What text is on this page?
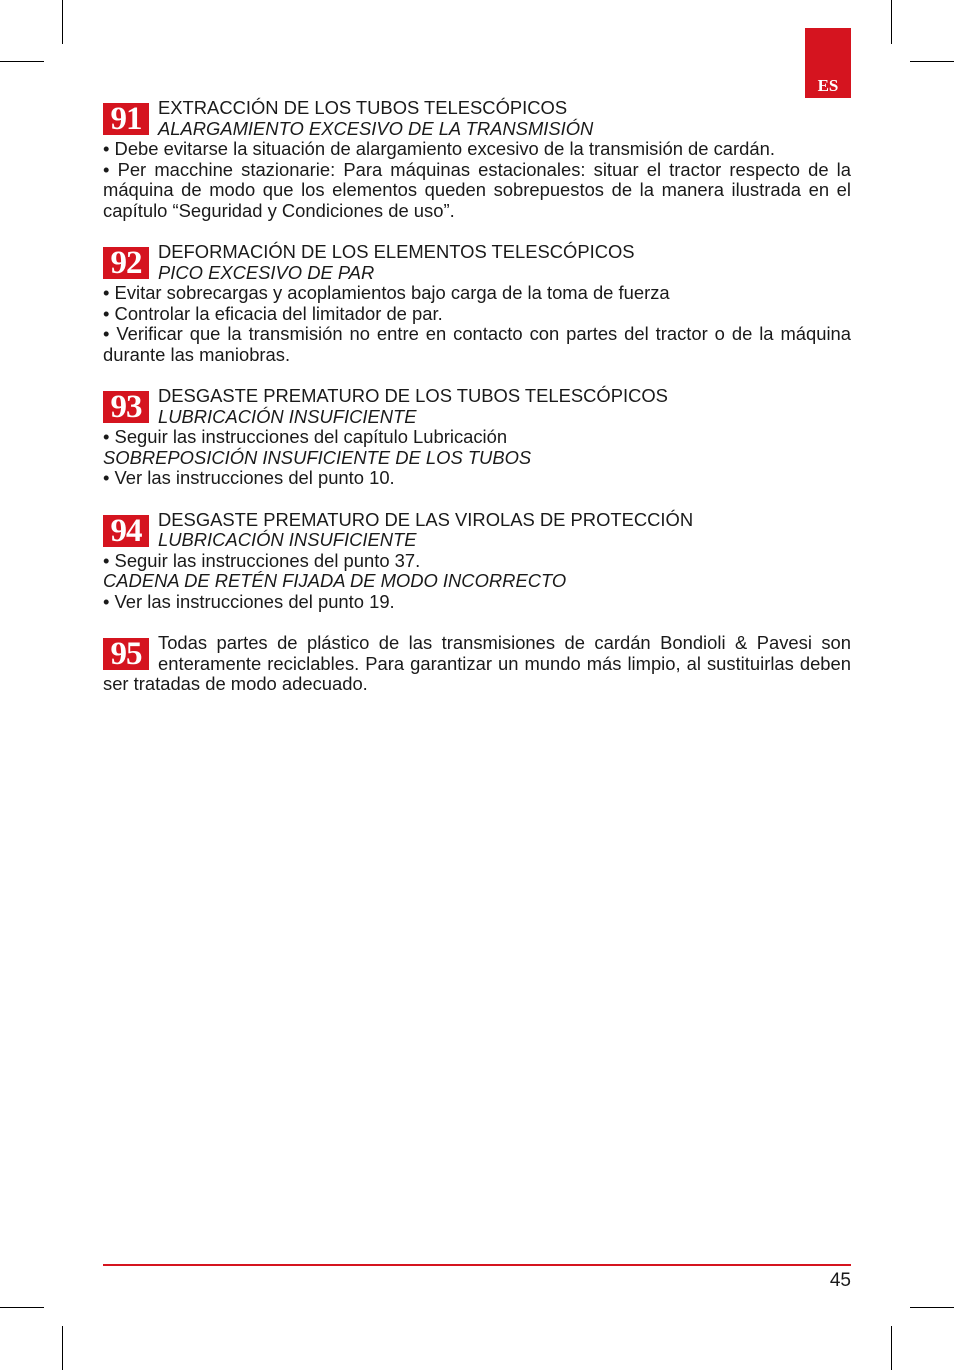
ES
91 EXTRACCIÓN DE LOS TUBOS TELESCÓPICOS
ALARGAMIENTO EXCESIVO DE LA TRANSMISIÓN

• Debe evitarse la situación de alargamiento excesivo de la transmisión de cardán.

• Per macchine stazionarie: Para máquinas estacionales: situar el tractor respecto de la máquina de modo que los elementos queden sobrepuestos de la manera ilustrada en el capítulo “Seguridad y Condiciones de uso”.

92 DEFORMACIÓN DE LOS ELEMENTOS TELESCÓPICOS
PICO EXCESIVO DE PAR

• Evitar sobrecargas y acoplamientos bajo carga de la toma de fuerza

• Controlar la eficacia del limitador de par.

• Verificar que la transmisión no entre en contacto con partes del tractor o de la máquina durante las maniobras.

93 DESGASTE PREMATURO DE LOS TUBOS TELESCÓPICOS
LUBRICACIÓN INSUFICIENTE

• Seguir las instrucciones del capítulo Lubricación

SOBREPOSICIÓN INSUFICIENTE DE LOS TUBOS

• Ver las instrucciones del punto 10.

94 DESGASTE PREMATURO DE LAS VIROLAS DE PROTECCIÓN
LUBRICACIÓN INSUFICIENTE

• Seguir las instrucciones del punto 37.

CADENA DE RETÉN FIJADA DE MODO INCORRECTO

• Ver las instrucciones del punto 19.

95 Todas partes de plástico de las transmisiones de cardán Bondioli & Pavesi son enteramente reciclables. Para garantizar un mundo más limpio, al sustituirlas deben ser tratadas de modo adecuado.
45
